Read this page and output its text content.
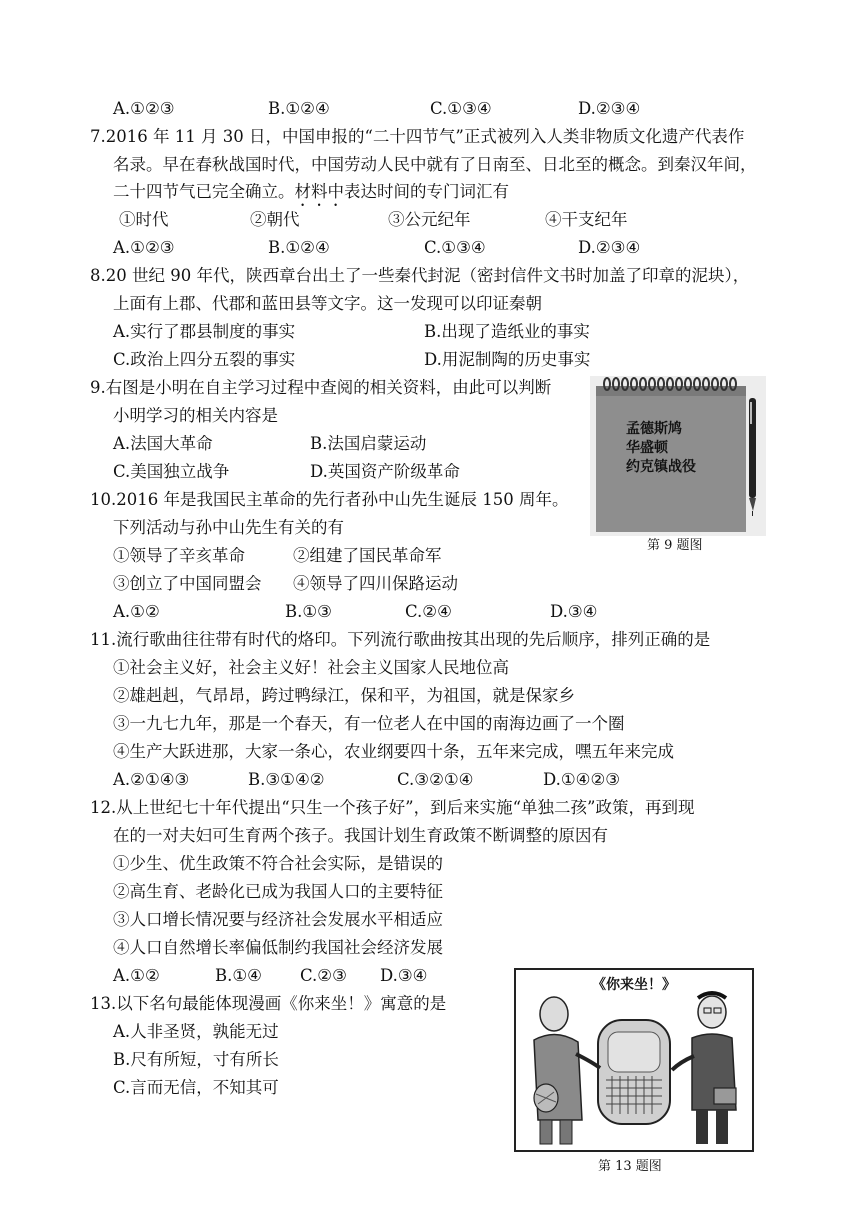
A.①②③	B.①②④	C.①③④	D.②③④
7.2016 年 11 月 30 日，中国申报的“二十四节气”正式被列入人类非物质文化遗产代表作
名录。早在春秋战国时代，中国劳动人民中就有了日南至、日北至的概念。到秦汉年间，
二十四节气已完全确立。材料中表达时间的专门词汇有
①时代	②朝代	③公元纪年	④干支纪年
A.①②③	B.①②④	C.①③④	D.②③④
8.20 世纪 90 年代，陕西章台出土了一些秦代封泥（密封信件文书时加盖了印章的泥块），
上面有上郡、代郡和蓝田县等文字。这一发现可以印证秦朝
A.实行了郡县制度的事实	B.出现了造纸业的事实
C.政治上四分五裂的事实	D.用泥制陶的历史事实
9.右图是小明在自主学习过程中查阅的相关资料，由此可以判断
小明学习的相关内容是
A.法国大革命	B.法国启蒙运动
C.美国独立战争	D.英国资产阶级革命
孟德斯鸠
华盛顿
约克镇战役
第 9 题图
10.2016 年是我国民主革命的先行者孙中山先生诞辰 150 周年。
下列活动与孙中山先生有关的有
①领导了辛亥革命	②组建了国民革命军
③创立了中国同盟会 ④领导了四川保路运动
A.①②	B.①③	C.②④	D.③④
11.流行歌曲往往带有时代的烙印。下列流行歌曲按其出现的先后顺序，排列正确的是
①社会主义好，社会主义好！社会主义国家人民地位高
②雄赳赳，气昂昂，跨过鸭绿江，保和平，为祖国，就是保家乡
③一九七九年，那是一个春天，有一位老人在中国的南海边画了一个圈
④生产大跃进那，大家一条心，农业纲要四十条，五年来完成，嘿五年来完成
A.②①④③	B.③①④②	C.③②①④	D.①④②③
12.从上世纪七十年代提出“只生一个孩子好”，到后来实施“单独二孩”政策，再到现
在的一对夫妇可生育两个孩子。我国计划生育政策不断调整的原因有
①少生、优生政策不符合社会实际，是错误的
②高生育、老龄化已成为我国人口的主要特征
③人口增长情况要与经济社会发展水平相适应
④人口自然增长率偏低制约我国社会经济发展
A.①②	B.①④ C.②③ D.③④
13.以下名句最能体现漫画《你来坐！》寓意的是
A.人非圣贤，孰能无过
B.尺有所短，寸有所长
C.言而无信，不知其可
《你来坐！》
第 13 题图
